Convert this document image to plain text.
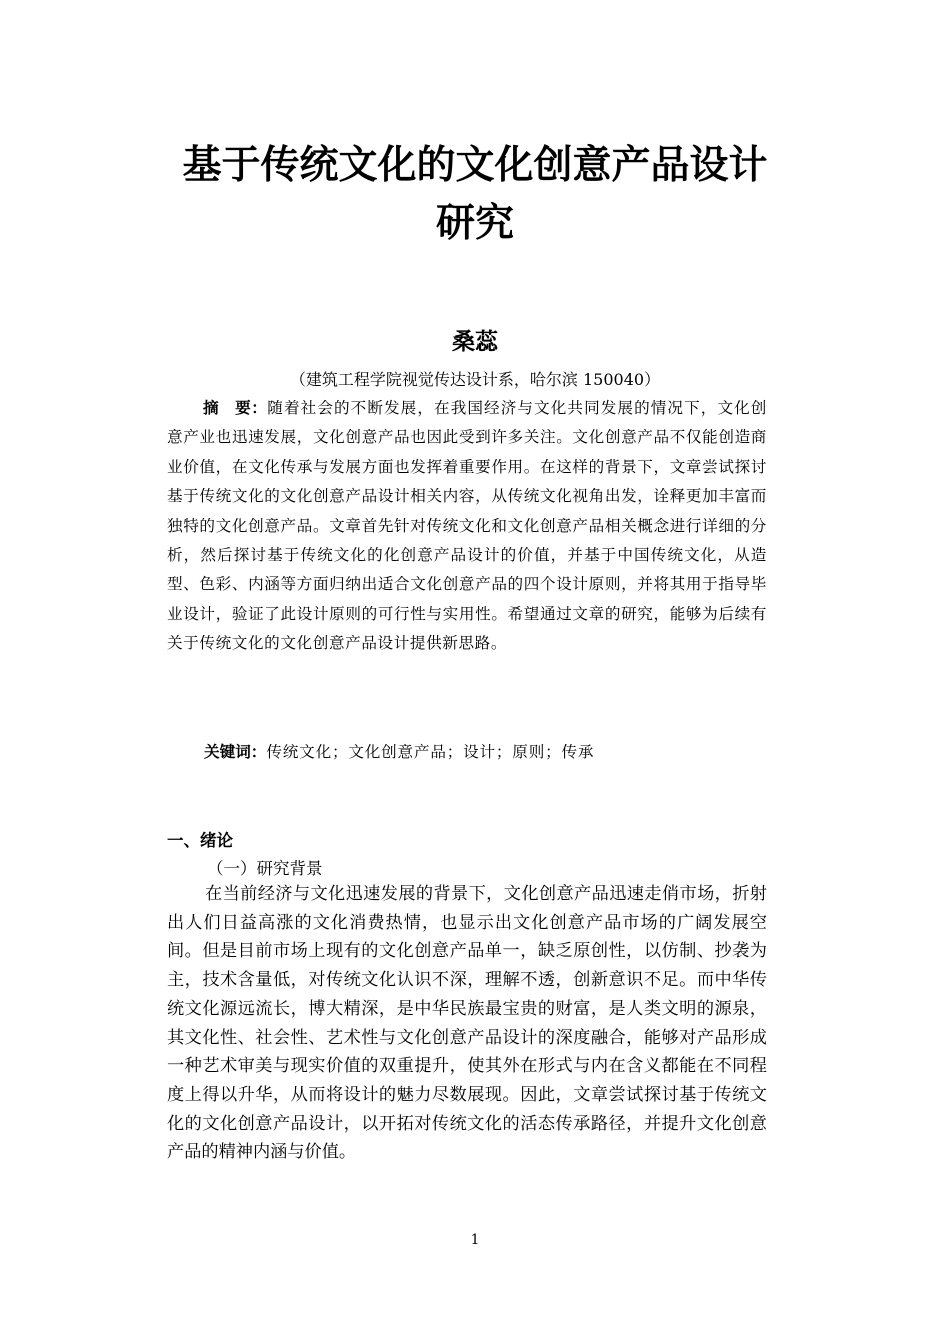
基于传统文化的文化创意产品设计
研究
桑蕊
（建筑工程学院视觉传达设计系，哈尔滨 150040）
摘　要：随着社会的不断发展，在我国经济与文化共同发展的情况下，文化创意产业也迅速发展，文化创意产品也因此受到许多关注。文化创意产品不仅能创造商业价值，在文化传承与发展方面也发挥着重要作用。在这样的背景下，文章尝试探讨基于传统文化的文化创意产品设计相关内容，从传统文化视角出发，诠释更加丰富而独特的文化创意产品。文章首先针对传统文化和文化创意产品相关概念进行详细的分析，然后探讨基于传统文化的化创意产品设计的价值，并基于中国传统文化，从造型、色彩、内涵等方面归纳出适合文化创意产品的四个设计原则，并将其用于指导毕业设计，验证了此设计原则的可行性与实用性。希望通过文章的研究，能够为后续有关于传统文化的文化创意产品设计提供新思路。
关键词：传统文化；文化创意产品；设计；原则；传承
一、绪论
（一）研究背景
在当前经济与文化迅速发展的背景下，文化创意产品迅速走俏市场，折射出人们日益高涨的文化消费热情，也显示出文化创意产品市场的广阔发展空间。但是目前市场上现有的文化创意产品单一，缺乏原创性，以仿制、抄袭为主，技术含量低，对传统文化认识不深，理解不透，创新意识不足。而中华传统文化源远流长，博大精深，是中华民族最宝贵的财富，是人类文明的源泉，其文化性、社会性、艺术性与文化创意产品设计的深度融合，能够对产品形成一种艺术审美与现实价值的双重提升，使其外在形式与内在含义都能在不同程度上得以升华，从而将设计的魅力尽数展现。因此，文章尝试探讨基于传统文化的文化创意产品设计，以开拓对传统文化的活态传承路径，并提升文化创意产品的精神内涵与价值。
1
